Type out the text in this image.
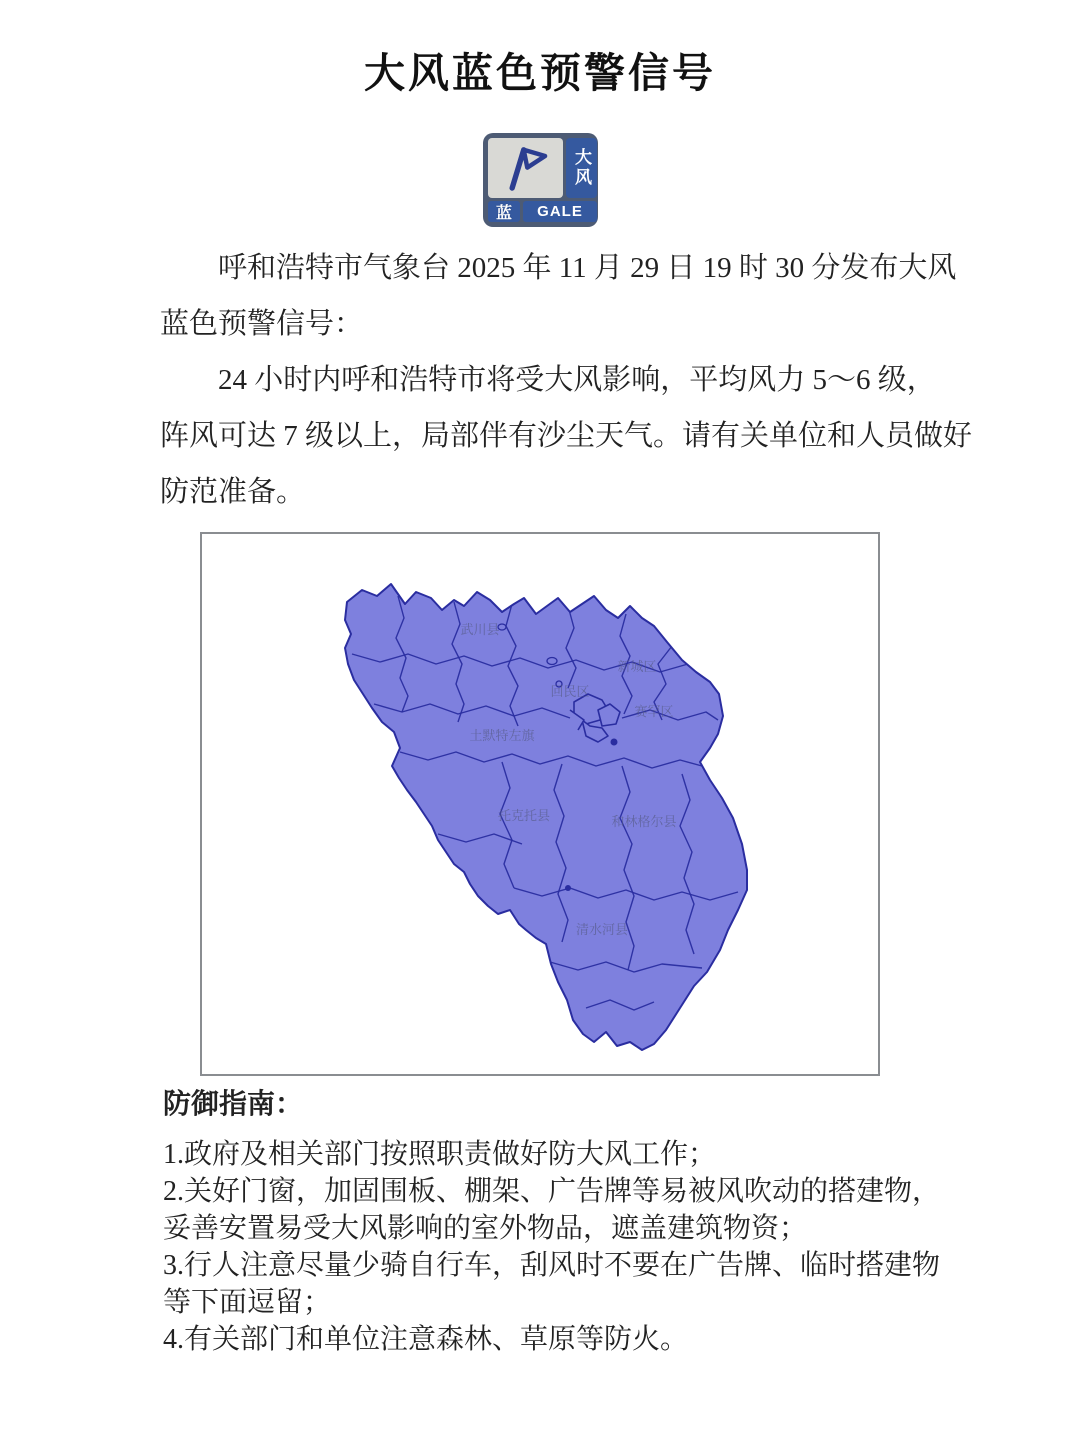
大风蓝色预警信号
大风
蓝	GALE
呼和浩特市气象台 2025 年 11 月 29 日 19 时 30 分发布大风
蓝色预警信号：
24 小时内呼和浩特市将受大风影响，平均风力 5～6 级，
阵风可达 7 级以上，局部伴有沙尘天气。请有关单位和人员做好
防范准备。
武川县
新城区
回民区
赛罕区
土默特左旗
托克托县	和林格尔县
清水河县

防御指南：

1.政府及相关部门按照职责做好防大风工作；
2.关好门窗，加固围板、棚架、广告牌等易被风吹动的搭建物，
妥善安置易受大风影响的室外物品，遮盖建筑物资；
3.行人注意尽量少骑自行车，刮风时不要在广告牌、临时搭建物
等下面逗留；
4.有关部门和单位注意森林、草原等防火。
